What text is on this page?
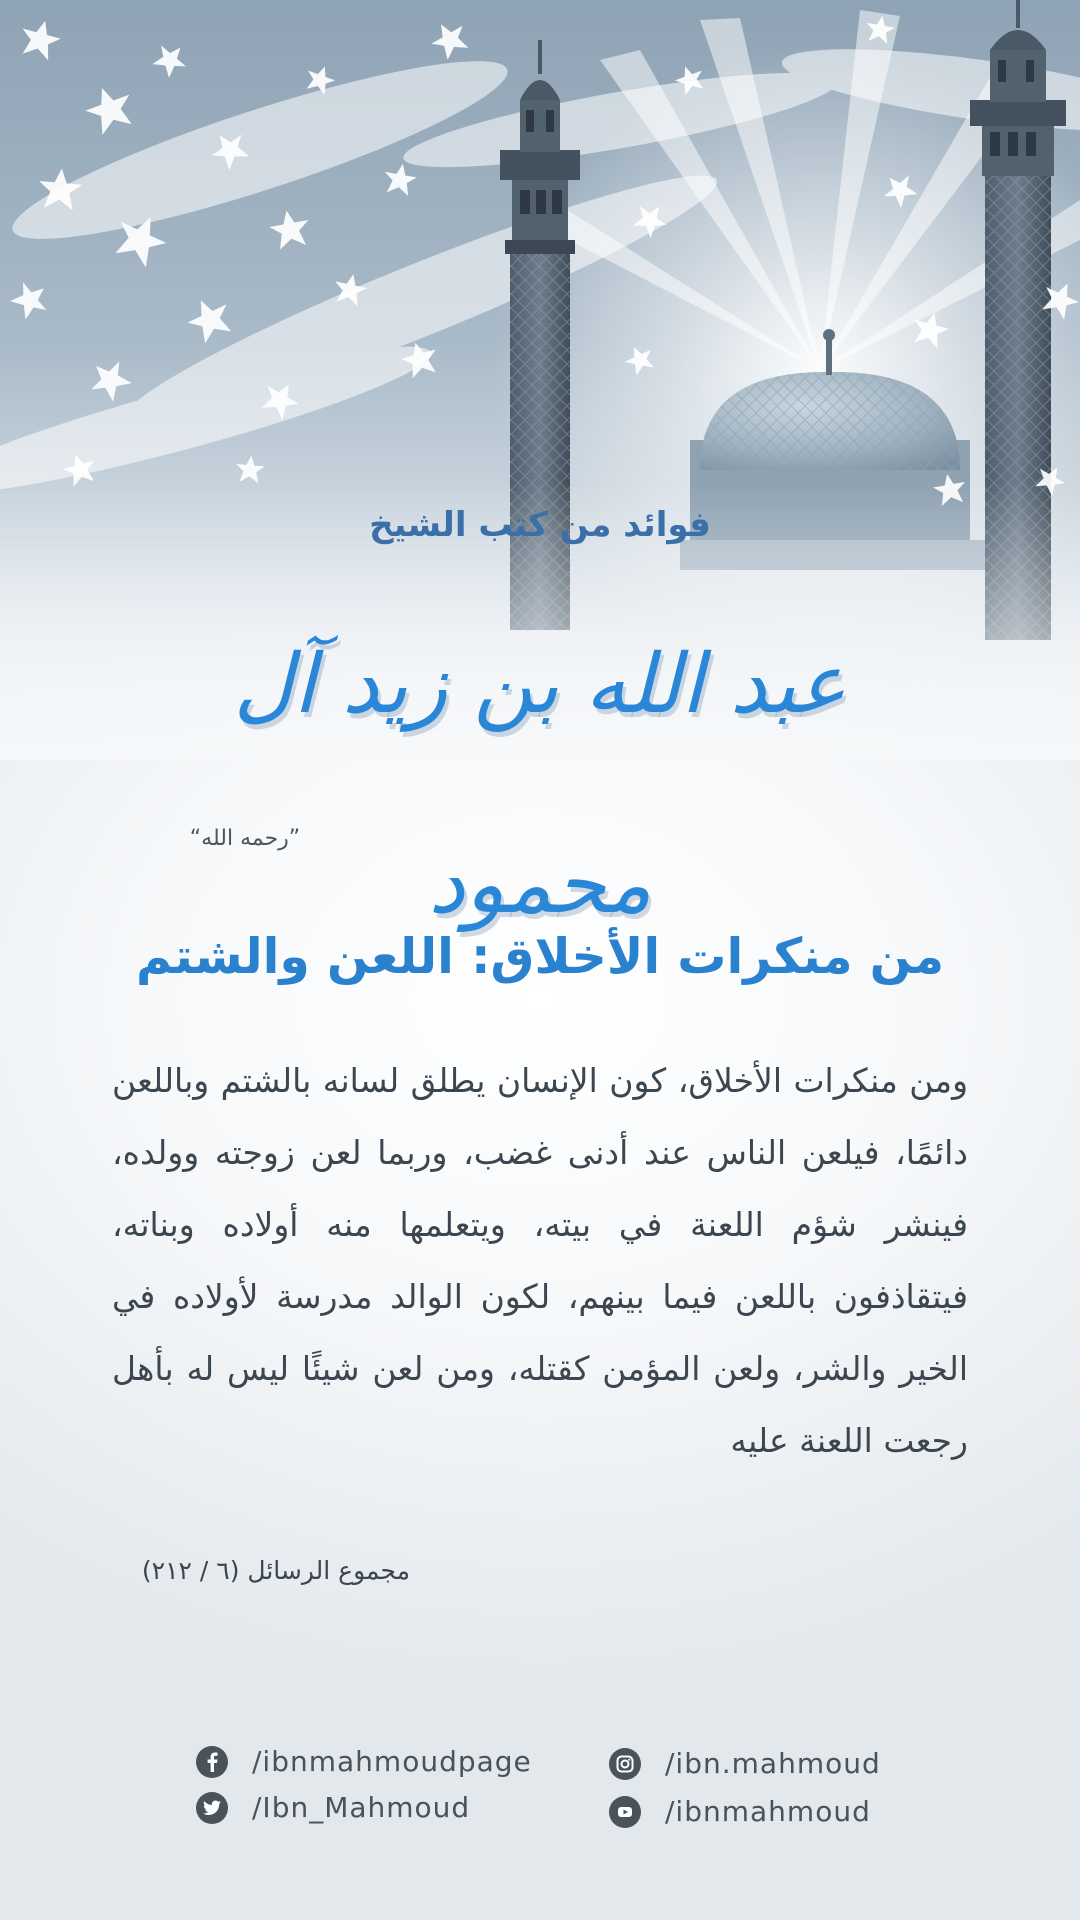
فوائد من كتب الشيخ
عبد الله بن زيد آل محمود
”رحمه الله“
من منكرات الأخلاق: اللعن والشتم
ومن منكرات الأخلاق، كون الإنسان يطلق لسانه بالشتم وباللعن دائمًا، فيلعن الناس عند أدنى غضب، وربما لعن زوجته وولده، فينشر شؤم اللعنة في بيته، ويتعلمها منه أولاده وبناته، فيتقاذفون باللعن فيما بينهم، لكون الوالد مدرسة لأولاده في الخير والشر، ولعن المؤمن كقتله، ومن لعن شيئًا ليس له بأهل رجعت اللعنة عليه
مجموع الرسائل (٦ / ٢١٢)
/ibnmahmoudpage
/Ibn_Mahmoud
/ibn.mahmoud
/ibnmahmoud
